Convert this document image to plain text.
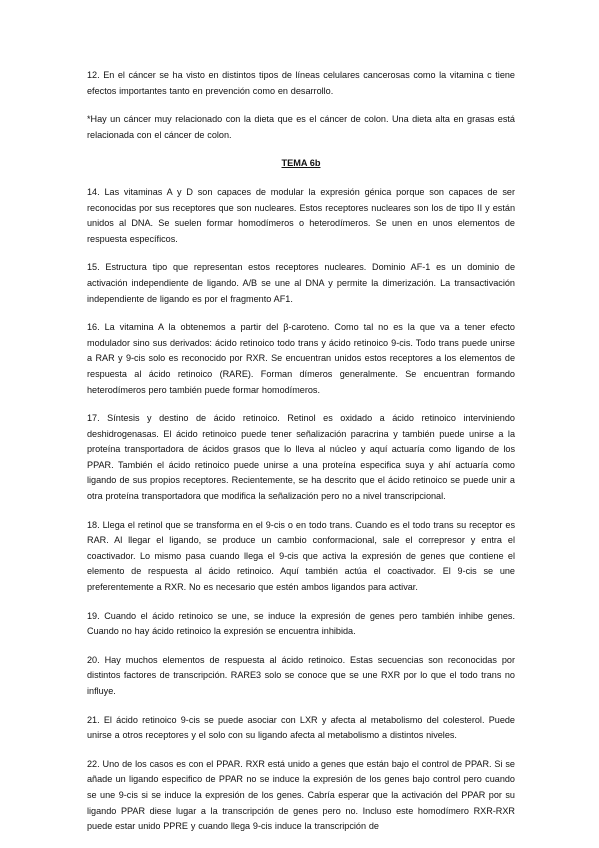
12. En el cáncer se ha visto en distintos tipos de líneas celulares cancerosas como la vitamina c tiene efectos importantes tanto en prevención como en desarrollo.

*Hay un cáncer muy relacionado con la dieta que es el cáncer de colon. Una dieta alta en grasas está relacionada con el cáncer de colon.

TEMA 6b

14. Las vitaminas A y D son capaces de modular la expresión génica porque son capaces de ser reconocidas por sus receptores que son nucleares. Estos receptores nucleares son los de tipo II y están unidos al DNA. Se suelen formar homodímeros o heterodímeros. Se unen en unos elementos de respuesta específicos.

15. Estructura tipo que representan estos receptores nucleares. Dominio AF-1 es un dominio de activación independiente de ligando. A/B se une al DNA y permite la dimerización. La transactivación independiente de ligando es por el fragmento AF1.

16. La vitamina A la obtenemos a partir del β-caroteno. Como tal no es la que va a tener efecto modulador sino sus derivados: ácido retinoico todo trans y ácido retinoico 9-cis. Todo trans puede unirse a RAR y 9-cis solo es reconocido por RXR. Se encuentran unidos estos receptores a los elementos de respuesta al ácido retinoico (RARE). Forman dímeros generalmente. Se encuentran formando heterodímeros pero también puede formar homodímeros.

17. Síntesis y destino de ácido retinoico. Retinol es oxidado a ácido retinoico interviniendo deshidrogenasas. El ácido retinoico puede tener señalización paracrina y también puede unirse a la proteína transportadora de ácidos grasos que lo lleva al núcleo y aquí actuaría como ligando de los PPAR. También el ácido retinoico puede unirse a una proteína especifica suya y ahí actuaría como ligando de sus propios receptores. Recientemente, se ha descrito que el ácido retinoico se puede unir a otra proteína transportadora que modifica la señalización pero no a nivel transcripcional.

18. Llega el retinol que se transforma en el 9-cis o en todo trans. Cuando es el todo trans su receptor es RAR. Al llegar el ligando, se produce un cambio conformacional, sale el correpresor y entra el coactivador. Lo mismo pasa cuando llega el 9-cis que activa la expresión de genes que contiene el elemento de respuesta al ácido retinoico. Aquí también actúa el coactivador. El 9-cis se une preferentemente a RXR. No es necesario que estén ambos ligandos para activar.

19. Cuando el ácido retinoico se une, se induce la expresión de genes pero también inhibe genes. Cuando no hay ácido retinoico la expresión se encuentra inhibida.

20. Hay muchos elementos de respuesta al ácido retinoico. Estas secuencias son reconocidas por distintos factores de transcripción. RARE3 solo se conoce que se une RXR por lo que el todo trans no influye.

21. El ácido retinoico 9-cis se puede asociar con LXR y afecta al metabolismo del colesterol. Puede unirse a otros receptores y el solo con su ligando afecta al metabolismo a distintos niveles.

22. Uno de los casos es con el PPAR. RXR está unido a genes que están bajo el control de PPAR. Si se añade un ligando especifico de PPAR no se induce la expresión de los genes bajo control pero cuando se une 9-cis si se induce la expresión de los genes. Cabría esperar que la activación del PPAR por su ligando PPAR diese lugar a la transcripción de genes pero no. Incluso este homodímero RXR-RXR puede estar unido PPRE y cuando llega 9-cis induce la transcripción de
